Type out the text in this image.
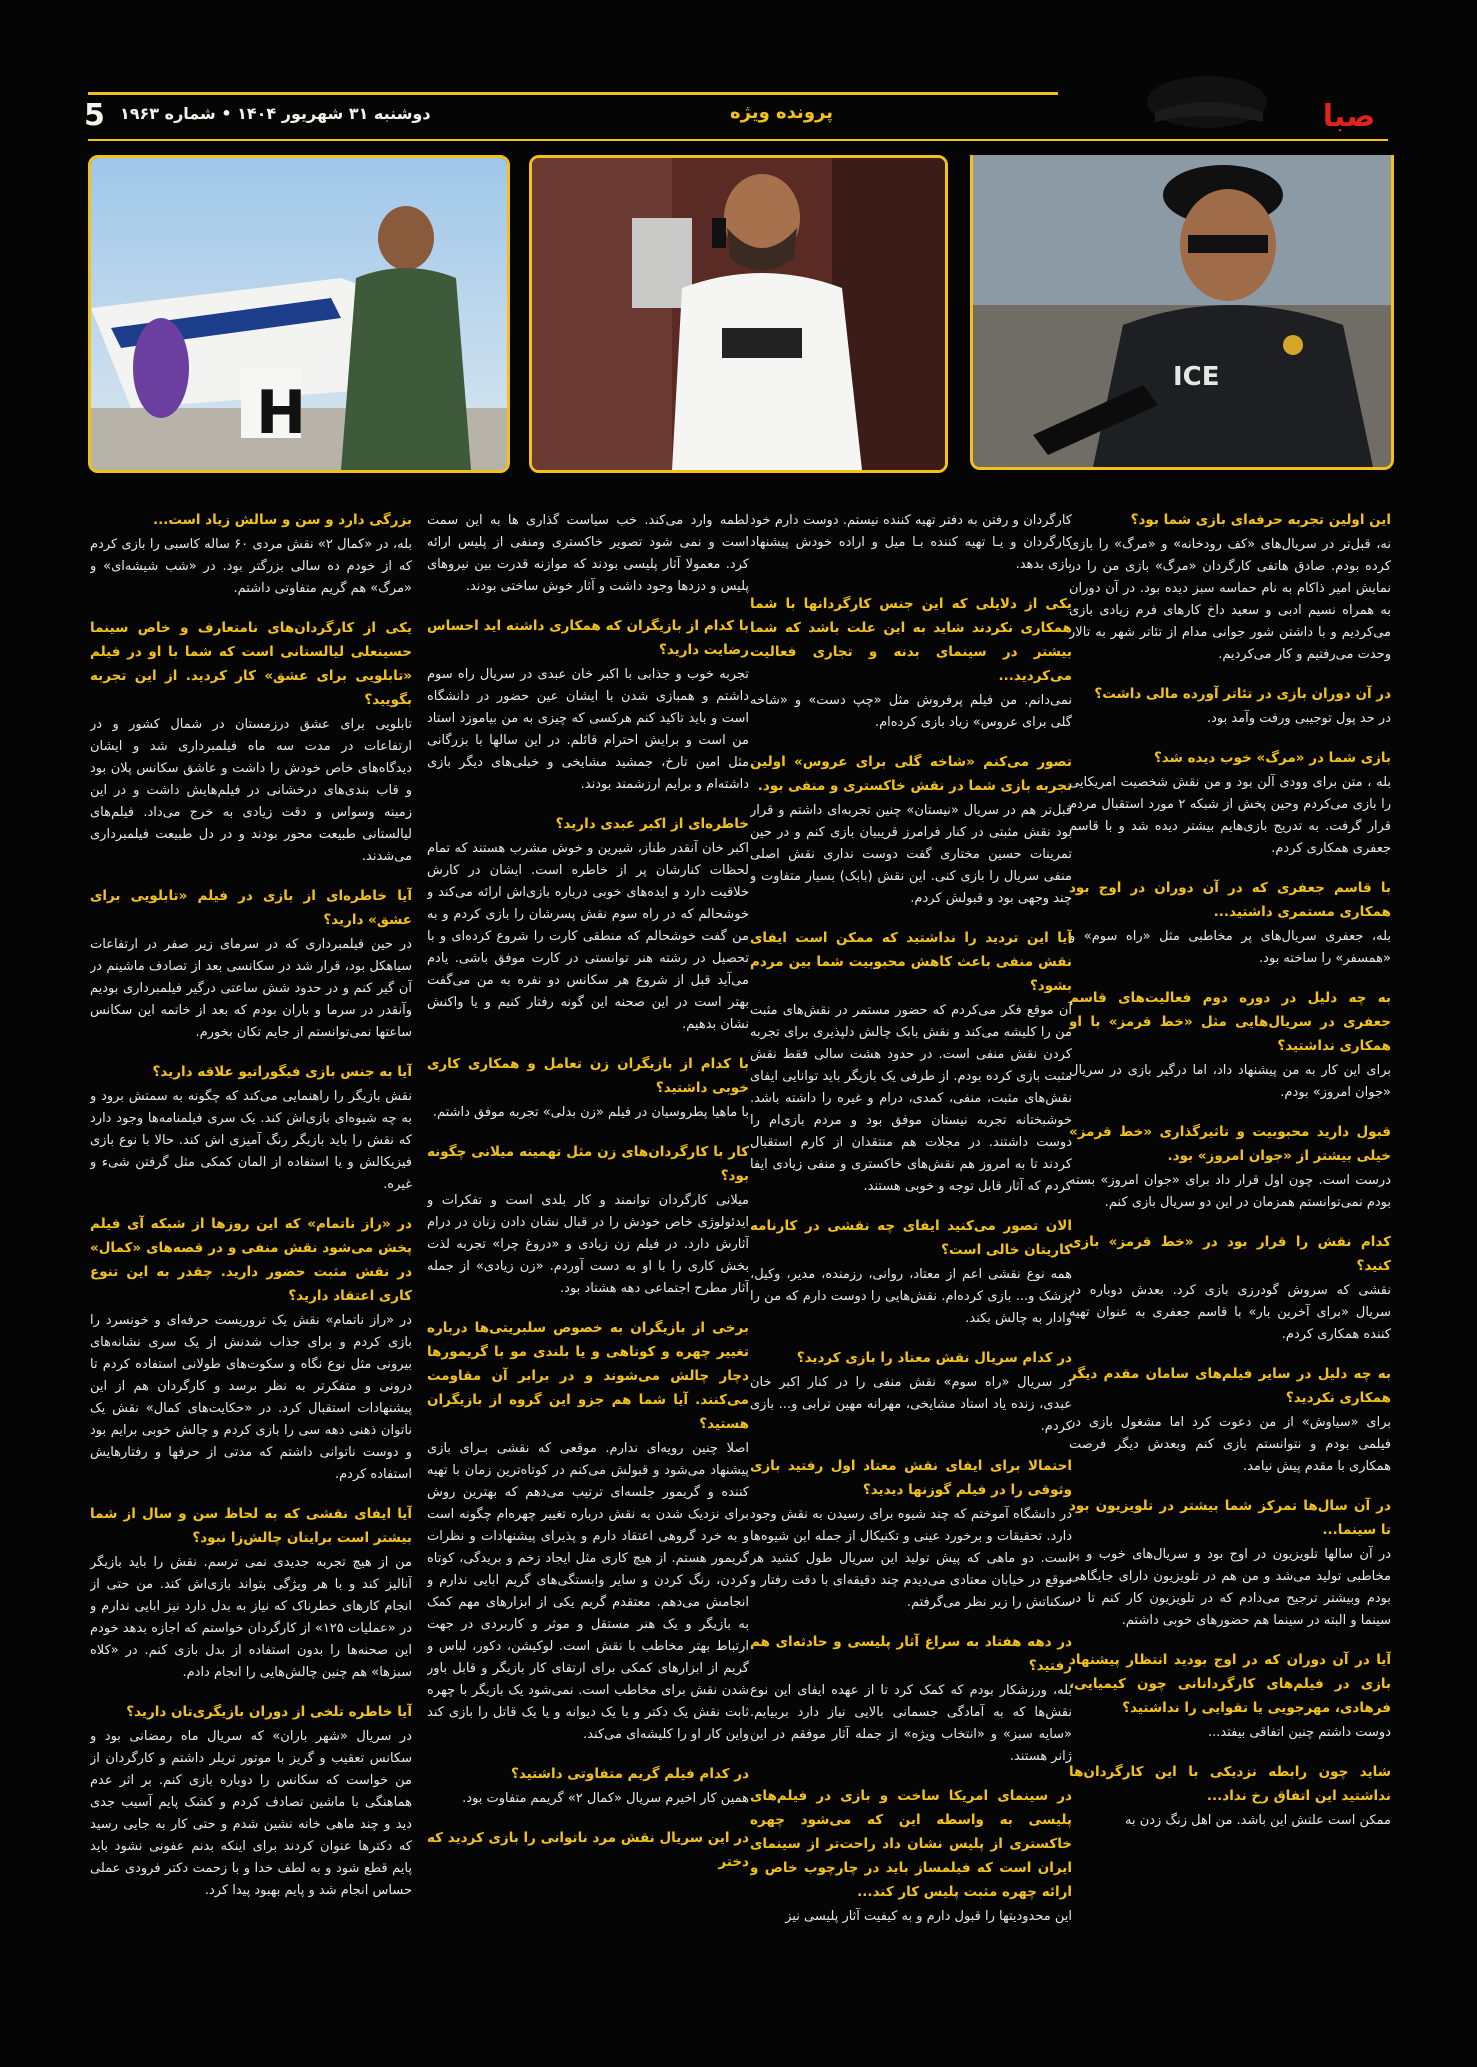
5 دوشنبه ۳۱ شهریور ۱۴۰۴ • شماره ۱۹۶۳	پرونده ویژه	صبا
H
ICE

این اولین تجربه حرفه‌ای بازی شما بود؟

نه، قبل‌تر در سریال‌های «کف رودخانه» و «مرگ» را بازی کرده بودم. صادق هاتفی کارگردان «مرگ» بازی من را در نمایش امیر ذاکام به نام حماسه سبز دیده بود. در آن دوران به همراه نسیم ادبی و سعید داخ کارهای فرم زیادی بازی می‌کردیم و با داشتن شور جوانی مدام از تئاتر شهر به تالار وحدت می‌رفتیم و کار می‌کردیم.

در آن دوران بازی در تئاتر آورده مالی داشت؟

در حد پول توجیبی ورفت وآمد بود.

بازی شما در «مرگ» خوب دیده شد؟

بله ، متن برای وودی آلن بود و من نقش شخصیت امریکایی را بازی می‌کردم وحین پخش از شبکه ۲ مورد استقبال مردم قرار گرفت. به تدریج بازی‌هایم بیشتر دیده شد و با قاسم جعفری همکاری کردم.

با قاسم جعفری که در آن دوران در اوج بود همکاری مستمری داشتید...

بله، جعفری سریال‌های پر مخاطبی مثل «راه سوم» و «همسفر» را ساخته بود.

به چه دلیل در دوره دوم فعالیت‌های قاسم جعفری در سریال‌هایی مثل «خط قرمز» با او همکاری نداشتید؟

برای این کار به من پیشنهاد داد، اما درگیر بازی در سریال «جوان امروز» بودم.

قبول دارید محبوبیت و تاثیرگذاری «خط قرمز» خیلی بیشتر از «جوان امروز» بود.

درست است. چون اول قرار داد برای «جوان امروز» بسته بودم نمی‌توانستم همزمان در این دو سریال بازی کنم.

کدام نقش را قرار بود در «خط قرمز» بازی کنید؟

نقشی که سروش گودرزی بازی کرد. بعدش دوباره در سریال «برای آخرین بار» با قاسم جعفری به عنوان تهیه کننده همکاری کردم.

به چه دلیل در سایر فیلم‌های سامان مقدم دیگر همکاری نکردید؟

برای «سیاوش» از من دعوت کرد اما مشغول بازی در فیلمی بودم و نتوانستم بازی کنم وبعدش دیگر فرصت همکاری با مقدم پیش نیامد.

در آن سال‌ها تمرکز شما بیشتر در تلویزیون بود تا سینما...

در آن سالها تلویزیون در اوج بود و سریال‌های خوب و پر مخاطبی تولید می‌شد و من هم در تلویزیون دارای جایگاهی بودم وبیشتر ترجیح می‌دادم که در تلویزیون کار کنم تا در سینما و البته در سینما هم حضورهای خوبی داشتم.

آیا در آن دوران که در اوج بودید انتظار پیشنهاد بازی در فیلم‌های کارگردانانی چون کیمیایی، فرهادی، مهرجویی یا تقوایی را نداشتید؟

دوست داشتم چنین اتفاقی بیفتد...

شاید چون رابطه نزدیکی با این کارگردان‌ها نداشتید این اتفاق رخ نداد...

ممکن است علتش این باشد. من اهل زنگ زدن به

کارگردان و رفتن به دفتر تهیه کننده نیستم. دوست دارم خود کارگردان و یـا تهیه کننده بـا میل و اراده خودش پیشنهاد بازی بدهد.

یکی از دلایلی که این جنس کارگردانها با شما همکاری نکردند شاید به این علت باشد که شما بیشتر در سینمای بدنه و تجاری فعالیت می‌کردید...

نمی‌دانم. من فیلم پرفروش مثل «چپ دست» و «شاخه گلی برای عروس» زیاد بازی کرده‌ام.

تصور می‌کنم «شاخه گلی برای عروس» اولین تجربه بازی شما در نقش خاکستری و منفی بود.

قبل‌تر هم در سریال «نیستان» چنین تجربه‌ای داشتم و قرار بود نقش مثبتی در کنار فرامرز قریبیان بازی کنم و در حین تمرینات حسین مختاری گفت دوست نداری نقش اصلی منفی سریال را بازی کنی. این نقش (بابک) بسیار متفاوت و چند وجهی بود و قبولش کردم.

آیا این تردید را نداشتید که ممکن است ایفای نقش منفی باعث کاهش محبوبیت شما بین مردم بشود؟

آن موقع فکر می‌کردم که حضور مستمر در نقش‌های مثبت من را کلیشه می‌کند و نقش بابک چالش دلپذیری برای تجربه کردن نقش منفی است. در حدود هشت سالی فقط نقش مثبت بازی کرده بودم. از طرفی یک بازیگر باید توانایی ایفای نقش‌های مثبت، منفی، کمدی، درام و غیره را داشته باشد. خوشبختانه تجربه نیستان موفق بود و مردم بازی‌ام را دوست داشتند. در مجلات هم منتقدان از کارم استقبال کردند تا به امروز هم نقش‌های خاکستری و منفی زیادی ایفا کردم که آثار قابل توجه و خوبی هستند.

الان تصور می‌کنید ایفای چه نقشی در کارنامه کاریتان خالی است؟

همه نوع نقشی اعم از معتاد، روانی، رزمنده، مدیر، وکیل، پزشک و... بازی کرده‌ام. نقش‌هایی را دوست دارم که من را وادار به چالش بکند.

در کدام سریال نقش معتاد را بازی کردید؟

در سریال «راه سوم» نقش منفی را در کنار اکبر خان عبدی، زنده یاد استاد مشایخی، مهرانه مهین ترابی و... بازی کردم.

احتمالا برای ایفای نقش معتاد اول رفتید بازی وثوقی را در فیلم گوزنها دیدید؟

در دانشگاه آموختم که چند شیوه برای رسیدن به نقش وجود دارد. تحقیقات و برخورد عینی و تکنیکال از جمله این شیوه‌ها است. دو ماهی که پیش تولید این سریال طول کشید هر موقع در خیابان معتادی می‌دیدم چند دقیقه‌ای با دقت رفتار و سکناتش را زیر نظر می‌گرفتم.

در دهه هفتاد به سراغ آثار پلیسی و حادثه‌ای هم رفتید؟

بله، ورزشکار بودم که کمک کرد تا از عهده ایفای این نوع نقش‌ها که به آمادگی جسمانی بالایی نیاز دارد بربیایم. «سایه سبز» و «انتخاب ویژه» از جمله آثار موفقم در این ژانر هستند.

در سینمای امریکا ساخت و بازی در فیلم‌های پلیسی به واسطه این که می‌شود چهره خاکستری از پلیس نشان داد راحت‌تر از سینمای ایران است که فیلمساز باید در چارچوب خاص و ارائه چهره مثبت پلیس کار کند...

این محدودیتها را قبول دارم و به کیفیت آثار پلیسی نیز

لطمه وارد می‌کند. خب سیاست گذاری ها به این سمت است و نمی شود تصویر خاکستری ومنفی از پلیس ارائه کرد. معمولا آثار پلیسی بودند که موازنه قدرت بین نیروهای پلیس و دزدها وجود داشت و آثار خوش ساختی بودند.

با کدام از بازیگران که همکاری داشته اید احساس رضایت دارید؟

تجربه خوب و جذابی با اکبر خان عبدی در سریال راه سوم داشتم و همبازی شدن با ایشان عین حضور در دانشگاه است و باید تاکید کنم هرکسی که چیزی به من بیاموزد استاد من است و برایش احترام قائلم. در این سالها با بزرگانی مثل امین تارخ، جمشید مشایخی و خیلی‌های دیگر بازی داشته‌ام و برایم ارزشمند بودند.

خاطره‌ای از اکبر عبدی دارید؟

اکبر خان آنقدر طناز، شیرین و خوش مشرب هستند که تمام لحظات کنارشان پر از خاطره است. ایشان در کارش خلاقیت دارد و ایده‌های خوبی درباره بازی‌اش ارائه می‌کند و خوشحالم که در راه سوم نقش پسرشان را بازی کردم و به من گفت خوشحالم که منطقی کارت را شروع کرده‌ای و با تحصیل در رشته هنر توانستی در کارت موفق باشی. یادم می‌آید قبل از شروع هر سکانس دو نفره به من می‌گفت بهتر است در این صحنه این گونه رفتار کنیم و یا واکنش نشان بدهیم.

با کدام از بازیگران زن تعامل و همکاری کاری خوبی داشتید؟

با ماهیا پطروسیان در فیلم «زن بدلی» تجربه موفق داشتم.

کار با کارگردان‌های زن مثل تهمینه میلانی چگونه بود؟

میلانی کارگردان توانمند و کار بلدی است و تفکرات و ایدئولوژی خاص خودش را در قبال نشان دادن زنان در درام آثارش دارد. در فیلم زن زیادی و «دروغ چرا» تجربه لذت بخش کاری را با او به دست آوردم. «زن زیادی» از جمله آثار مطرح اجتماعی دهه هشتاد بود.

برخی از بازیگران به خصوص سلبریتی‌ها درباره تغییر چهره و کوتاهی و یا بلندی مو با گریمورها دچار چالش می‌شوند و در برابر آن مقاومت می‌کنند. آیا شما هم جزو این گروه از بازیگران هستید؟

اصلا چنین رویه‌ای ندارم. موقعی که نقشی بـرای بازی پیشنهاد می‌شود و قبولش می‌کنم در کوتاه‌ترین زمان با تهیه کننده و گریمور جلسه‌ای ترتیب می‌دهم که بهترین روش برای نزدیک شدن به نقش درباره تغییر چهره‌ام چگونه است و به خرد گروهی اعتقاد دارم و پذیرای پیشنهادات و نظرات گریمور هستم. از هیچ کاری مثل ایجاد زخم و بریدگی، کوتاه کردن، رنگ کردن و سایر وابستگی‌های گریم ابایی ندارم و انجامش می‌دهم. معتقدم گریم یکی از ابزارهای مهم کمک به بازیگر و یک هنر مستقل و موثر و کاربردی در جهت ارتباط بهتر مخاطب با نقش است. لوکیشن، دکور، لباس و گریم از ابزارهای کمکی برای ارتقای کار بازیگر و قابل باور شدن نقش برای مخاطب است. نمی‌شود یک بازیگر با چهره ثابت نقش یک دکتر و یا یک دیوانه و یا یک قاتل را بازی کند واین کار او را کلیشه‌ای می‌کند.

در کدام فیلم گریم متفاوتی داشتید؟

همین کار اخیرم سریال «کمال ۲» گریمم متفاوت بود.

در این سریال نقش مرد ناتوانی را بازی کردید که دختر

بزرگی دارد و سن و سالش زیاد است...

بله، در «کمال ۲» نقش مردی ۶۰ ساله کاسبی را بازی کردم که از خودم ده سالی بزرگتر بود. در «شب شیشه‌ای» و «مرگ» هم گریم متفاوتی داشتم.

یکی از کارگردان‌های نامتعارف و خاص سینما حسینعلی لیالستانی است که شما با او در فیلم «تابلویی برای عشق» کار کردید. از این تجربه بگویید؟

تابلویی برای عشق درزمستان در شمال کشور و در ارتفاعات در مدت سه ماه فیلمبرداری شد و ایشان دیدگاه‌های خاص خودش را داشت و عاشق سکانس پلان بود و قاب بندی‌های درخشانی در فیلم‌هایش داشت و در این زمینه وسواس و دقت زیادی به خرج می‌داد. فیلم‌های لیالستانی طبیعت محور بودند و در دل طبیعت فیلمبرداری می‌شدند.

آیا خاطره‌ای از بازی در فیلم «تابلویی برای عشق» دارید؟

در حین فیلمبرداری که در سرمای زیر صفر در ارتفاعات سیاهکل بود، قرار شد در سکانسی بعد از تصادف ماشینم در آن گیر کنم و در حدود شش ساعتی درگیر فیلمبرداری بودیم وآنقدر در سرما و باران بودم که بعد از خاتمه این سکانس ساعتها نمی‌توانستم از جایم تکان بخورم.

آیا به جنس بازی فیگوراتیو علاقه دارید؟

نقش بازیگر را راهنمایی می‌کند که چگونه به سمتش برود و به چه شیوه‌ای بازی‌اش کند. یک سری فیلمنامه‌ها وجود دارد که نقش را باید بازیگر رنگ آمیزی اش کند. حالا با نوع بازی فیزیکالش و یا استفاده از المان کمکی مثل گرفتن شیء و غیره.

در «راز ناتمام» که این روزها از شبکه آی فیلم پخش می‌شود نقش منفی و در قصه‌های «کمال» در نقش مثبت حضور دارید. چقدر به این تنوع کاری اعتقاد دارید؟

در «راز ناتمام» نقش یک تروریست حرفه‌ای و خونسرد را بازی کردم و برای جذاب شدنش از یک سری نشانه‌های بیرونی مثل نوع نگاه و سکوت‌های طولانی استفاده کردم تا درونی و متفکرتر به نظر برسد و کارگردان هم از این پیشنهادات استقبال کرد. در «حکایت‌های کمال» نقش یک ناتوان ذهنی دهه سی را بازی کردم و چالش خوبی برایم بود و دوست ناتوانی داشتم که مدتی از حرفها و رفتارهایش استفاده کردم.

آیا ایفای نقشی که به لحاظ سن و سال از شما بیشتر است برایتان چالش‌زا نبود؟

من از هیچ تجربه جدیدی نمی ترسم. نقش را باید بازیگر آنالیز کند و با هر ویژگی بتواند بازی‌اش کند. من حتی از انجام کارهای خطرناک که نیاز به بدل دارد نیز ابایی ندارم و در «عملیات ۱۲۵» از کارگردان خواستم که اجازه بدهد خودم این صحنه‌ها را بدون استفاده از بدل بازی کنم. در «کلاه سبزها» هم چنین چالش‌هایی را انجام دادم.

آیا خاطره تلخی از دوران بازیگری‌تان دارید؟

در سریال «شهر باران» که سریال ماه رمضانی بود و سکانس تعقیب و گریز با موتور تریلر داشتم و کارگردان از من خواست که سکانس را دوباره بازی کنم. بر اثر عدم هماهنگی با ماشین تصادف کردم و کشک پایم آسیب جدی دید و چند ماهی خانه نشین شدم و حتی کار به جایی رسید که دکترها عنوان کردند برای اینکه بدنم عفونی نشود باید پایم قطع شود و به لطف خدا و با زحمت دکتر فرودی عملی حساس انجام شد و پایم بهبود پیدا کرد.
